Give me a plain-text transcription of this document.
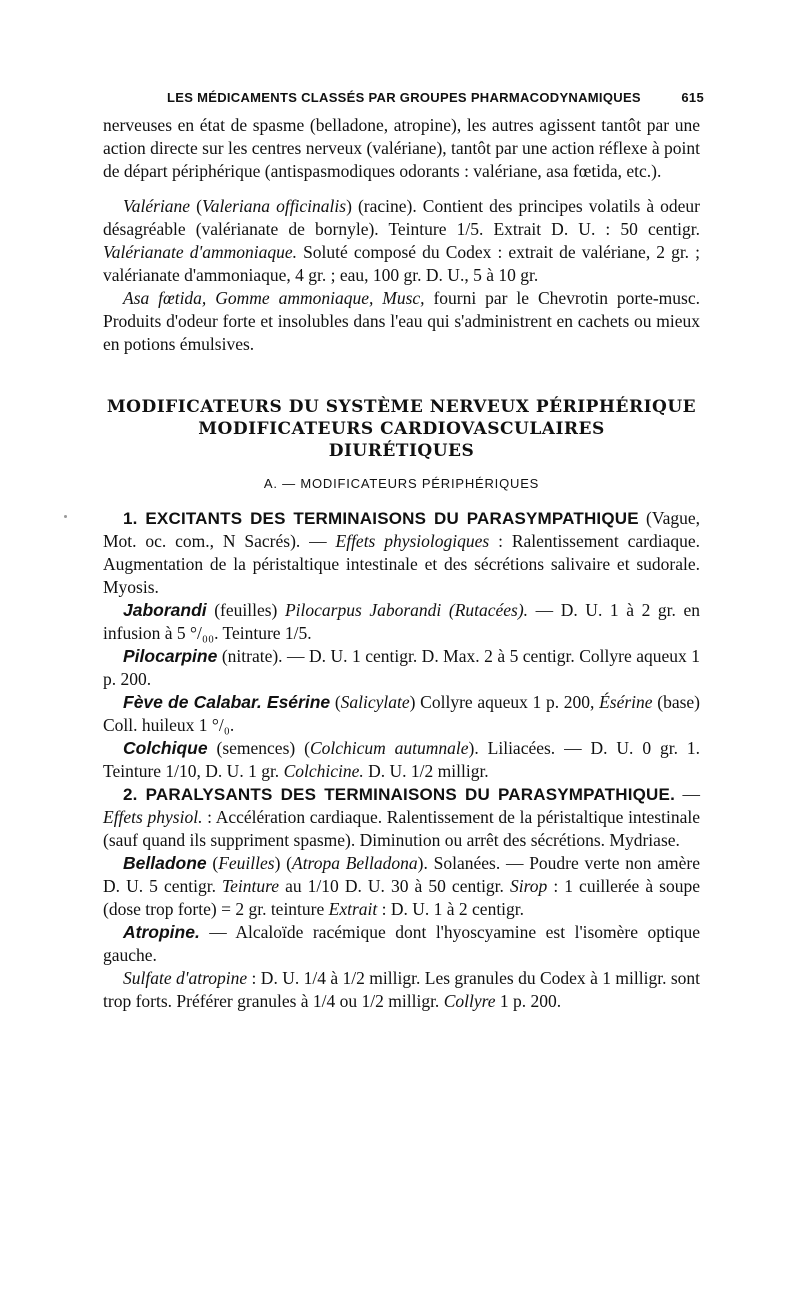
LES MÉDICAMENTS CLASSÉS PAR GROUPES PHARMACODYNAMIQUES	615

nerveuses en état de spasme (belladone, atropine), les autres agissent tantôt par une action directe sur les centres nerveux (valériane), tantôt par une action réflexe à point de départ périphérique (antispasmodiques odorants : valériane, asa fœtida, etc.).

Valériane (Valeriana officinalis) (racine). Contient des principes volatils à odeur désagréable (valérianate de bornyle). Teinture 1/5. Extrait D. U. : 50 centigr. Valérianate d'ammoniaque. Soluté composé du Codex : extrait de valériane, 2 gr. ; valérianate d'ammoniaque, 4 gr. ; eau, 100 gr. D. U., 5 à 10 gr.

Asa fœtida, Gomme ammoniaque, Musc, fourni par le Chevrotin porte-musc. Produits d'odeur forte et insolubles dans l'eau qui s'administrent en cachets ou mieux en potions émulsives.

MODIFICATEURS DU SYSTÈME NERVEUX PÉRIPHÉRIQUE

MODIFICATEURS CARDIOVASCULAIRES

DIURÉTIQUES

A. — MODIFICATEURS PÉRIPHÉRIQUES

1. EXCITANTS DES TERMINAISONS DU PARASYMPATHIQUE (Vague, Mot. oc. com., N Sacrés). — Effets physiologiques : Ralentissement cardiaque. Augmentation de la péristaltique intestinale et des sécrétions salivaire et sudorale. Myosis.

Jaborandi (feuilles) Pilocarpus Jaborandi (Rutacées). — D. U. 1 à 2 gr. en infusion à 5 °/₀₀. Teinture 1/5.

Pilocarpine (nitrate). — D. U. 1 centigr. D. Max. 2 à 5 centigr. Collyre aqueux 1 p. 200.

Fève de Calabar. Esérine (Salicylate) Collyre aqueux 1 p. 200, Ésérine (base) Coll. huileux 1 °/₀.

Colchique (semences) (Colchicum autumnale). Liliacées. — D. U. 0 gr. 1. Teinture 1/10, D. U. 1 gr. Colchicine. D. U. 1/2 milligr.

2. PARALYSANTS DES TERMINAISONS DU PARASYMPATHIQUE. — Effets physiol. : Accélération cardiaque. Ralentissement de la péristaltique intestinale (sauf quand ils suppriment spasme). Diminution ou arrêt des sécrétions. Mydriase.

Belladone (Feuilles) (Atropa Belladona). Solanées. — Poudre verte non amère D. U. 5 centigr. Teinture au 1/10 D. U. 30 à 50 centigr. Sirop : 1 cuillerée à soupe (dose trop forte) = 2 gr. teinture Extrait : D. U. 1 à 2 centigr.

Atropine. — Alcaloïde racémique dont l'hyoscyamine est l'isomère optique gauche.

Sulfate d'atropine : D. U. 1/4 à 1/2 milligr. Les granules du Codex à 1 milligr. sont trop forts. Préférer granules à 1/4 ou 1/2 milligr. Collyre 1 p. 200.
